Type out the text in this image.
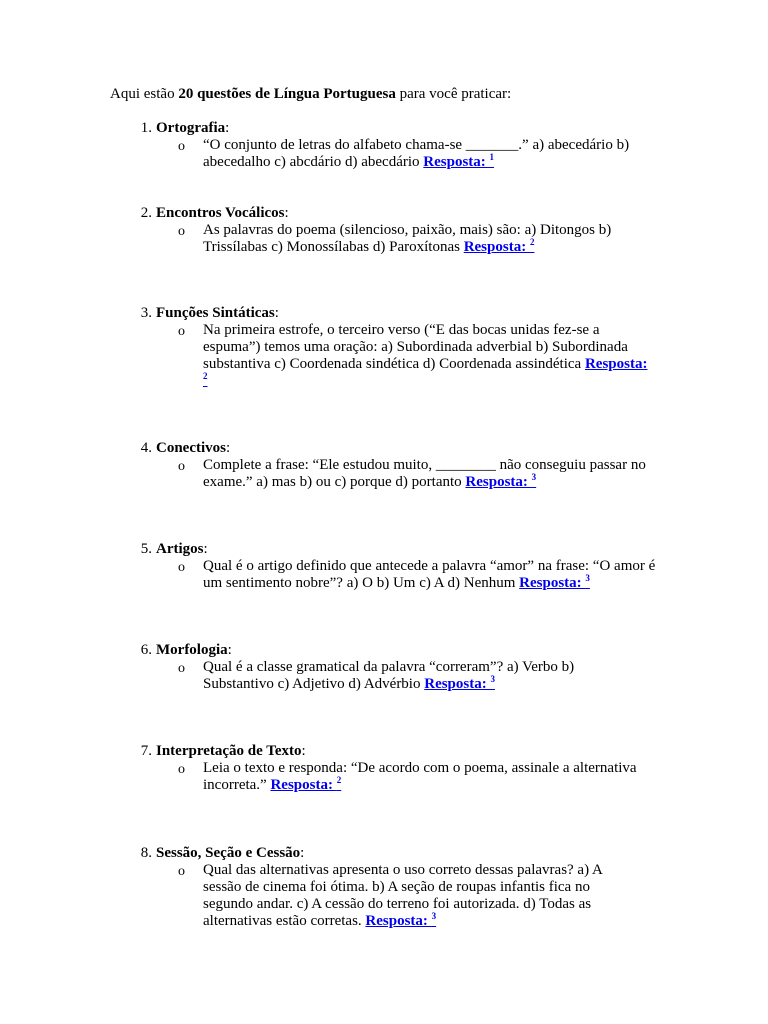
Aqui estão 20 questões de Língua Portuguesa para você praticar:
1. Ortografia:
o “O conjunto de letras do alfabeto chama-se _______.” a) abecedário b) abecedalho c) abcdário d) abecdário Resposta: $^1$
2. Encontros Vocálicos:
o As palavras do poema (silencioso, paixão, mais) são: a) Ditongos b) Trissílabas c) Monossílabas d) Paroxítonas Resposta: $^2$
3. Funções Sintáticas:
o Na primeira estrofe, o terceiro verso (“E das bocas unidas fez-se a espuma”) temos uma oração: a) Subordinada adverbial b) Subordinada substantiva c) Coordenada sindética d) Coordenada assindética Resposta: $^2$
4. Conectivos:
o Complete a frase: “Ele estudou muito, ________ não conseguiu passar no exame.” a) mas b) ou c) porque d) portanto Resposta: $^3$
5. Artigos:
o Qual é o artigo definido que antecede a palavra “amor” na frase: “O amor é um sentimento nobre”? a) O b) Um c) A d) Nenhum Resposta: $^3$
6. Morfologia:
o Qual é a classe gramatical da palavra “correram”? a) Verbo b) Substantivo c) Adjetivo d) Advérbio Resposta: $^3$
7. Interpretação de Texto:
o Leia o texto e responda: “De acordo com o poema, assinale a alternativa incorreta.” Resposta: $^2$
8. Sessão, Seção e Cessão:
o Qual das alternativas apresenta o uso correto dessas palavras? a) A sessão de cinema foi ótima. b) A seção de roupas infantis fica no segundo andar. c) A cessão do terreno foi autorizada. d) Todas as alternativas estão corretas. Resposta: $^3$
